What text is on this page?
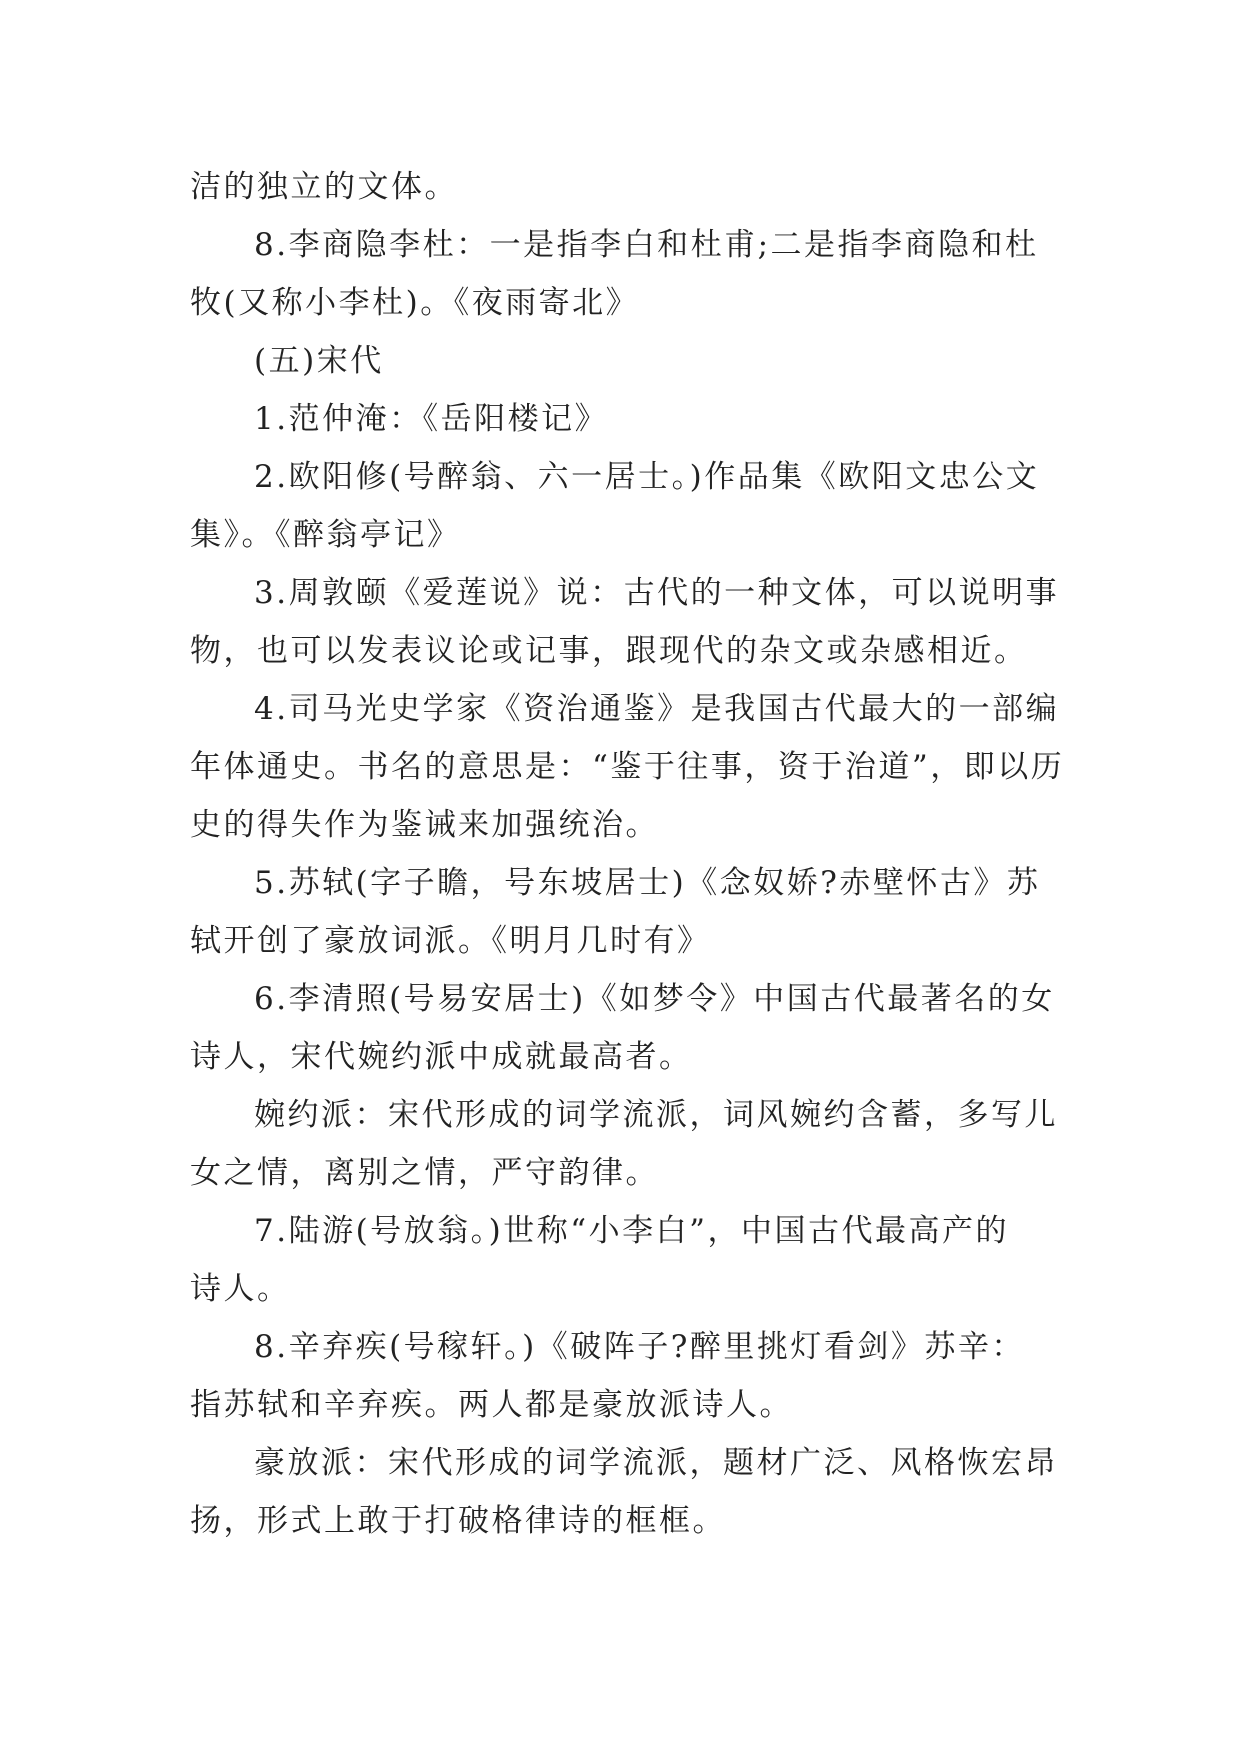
洁的独立的文体。
8.李商隐李杜：一是指李白和杜甫;二是指李商隐和杜
牧(又称小李杜)。《夜雨寄北》
(五)宋代
1.范仲淹：《岳阳楼记》
2.欧阳修(号醉翁、六一居士。)作品集《欧阳文忠公文
集》。《醉翁亭记》
3.周敦颐《爱莲说》说：古代的一种文体，可以说明事
物，也可以发表议论或记事，跟现代的杂文或杂感相近。
4.司马光史学家《资治通鉴》是我国古代最大的一部编
年体通史。书名的意思是：“鉴于往事，资于治道”，即以历
史的得失作为鉴诫来加强统治。
5.苏轼(字子瞻，号东坡居士)《念奴娇?赤壁怀古》苏
轼开创了豪放词派。《明月几时有》
6.李清照(号易安居士)《如梦令》中国古代最著名的女
诗人，宋代婉约派中成就最高者。
婉约派：宋代形成的词学流派，词风婉约含蓄，多写儿
女之情，离别之情，严守韵律。
7.陆游(号放翁。)世称“小李白”，中国古代最高产的
诗人。
8.辛弃疾(号稼轩。)《破阵子?醉里挑灯看剑》苏辛：
指苏轼和辛弃疾。两人都是豪放派诗人。
豪放派：宋代形成的词学流派，题材广泛、风格恢宏昂
扬，形式上敢于打破格律诗的框框。
